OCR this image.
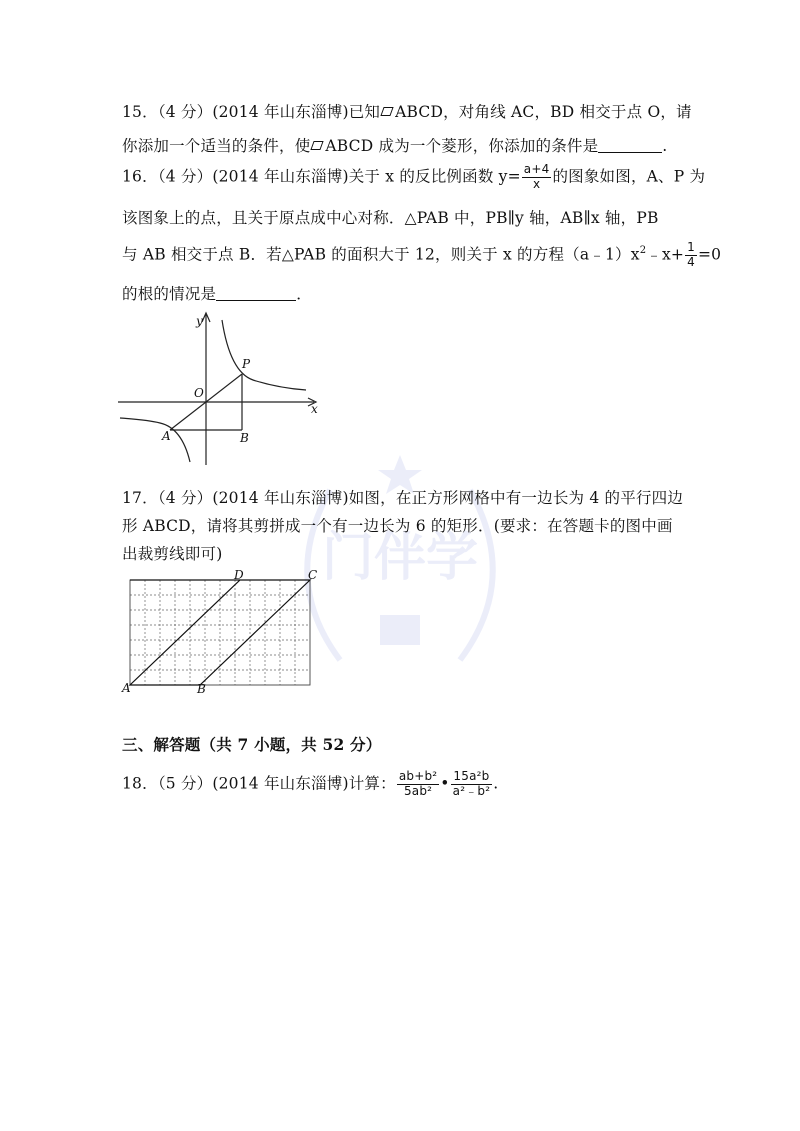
门伴学
15．（4 分）(2014 年山东淄博)已知 ABCD，对角线 AC，BD 相交于点 O，请
你添加一个适当的条件，使 ABCD 成为一个菱形，你添加的条件是	.
16．（4 分）(2014 年山东淄博)关于 x 的反比例函数 $y= \frac{a+4}{x}$ 的图象如图，A、P 为
该图象上的点，且关于原点成中心对称．△PAB 中，PB∥y 轴，AB∥x 轴，PB
与 AB 相交于点 B．若△PAB 的面积大于 12，则关于 x 的方程$(a﹣1)x^2﹣x+ \frac{1}{4} =0$
的根的情况是	．
y
x
O
P
A	B
17．（4 分）(2014 年山东淄博)如图，在正方形网格中有一边长为 4 的平行四边
形 ABCD，请将其剪拼成一个有一边长为 6 的矩形．(要求：在答题卡的图中画
出裁剪线即可)
A	B
C
D
三、解答题（共 7 小题，共 52 分）
18．（5 分）(2014 年山东淄博)计算： $\frac{\text{ab+b²}}{\text{5ab²}}$ • $\frac{\text{15a²b}}{\text{a²﹣b²}}$ .
